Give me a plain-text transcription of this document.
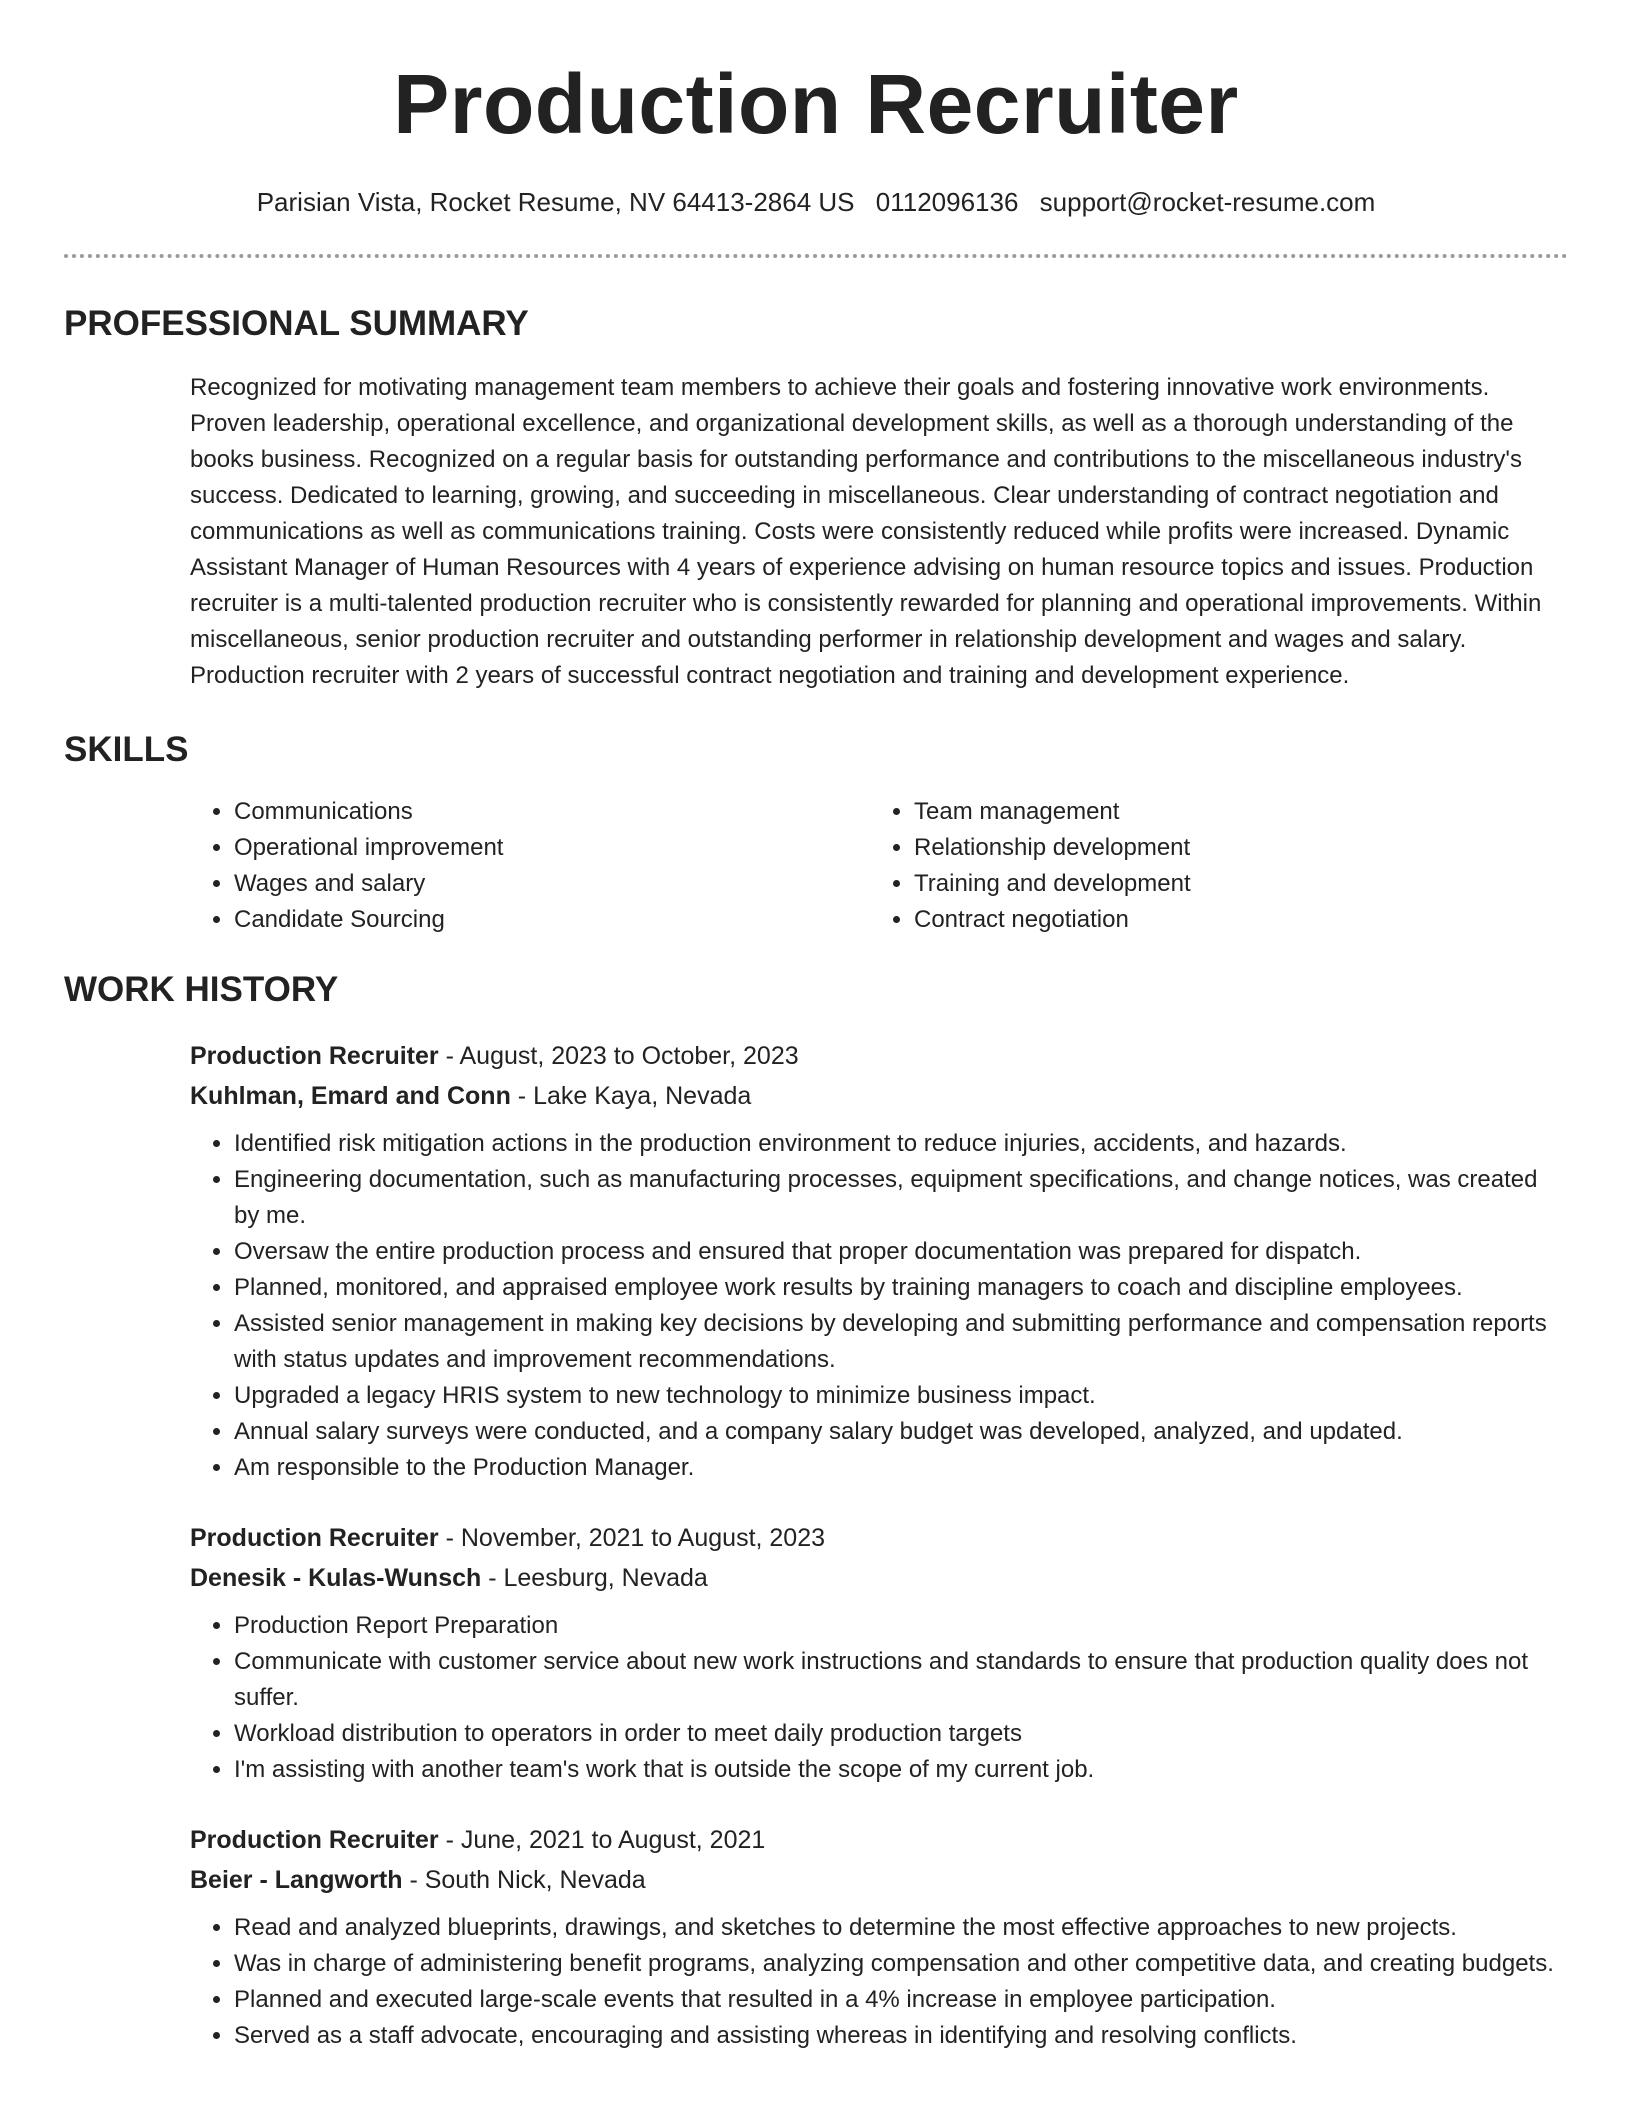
Production Recruiter
Parisian Vista, Rocket Resume, NV 64413-2864 US 0112096136 support@rocket-resume.com
PROFESSIONAL SUMMARY

Recognized for motivating management team members to achieve their goals and fostering innovative work environments. Proven leadership, operational excellence, and organizational development skills, as well as a thorough understanding of the books business. Recognized on a regular basis for outstanding performance and contributions to the miscellaneous industry's success. Dedicated to learning, growing, and succeeding in miscellaneous. Clear understanding of contract negotiation and communications as well as communications training. Costs were consistently reduced while profits were increased. Dynamic Assistant Manager of Human Resources with 4 years of experience advising on human resource topics and issues. Production recruiter is a multi-talented production recruiter who is consistently rewarded for planning and operational improvements. Within miscellaneous, senior production recruiter and outstanding performer in relationship development and wages and salary. Production recruiter with 2 years of successful contract negotiation and training and development experience.

SKILLS
• Communications
• Operational improvement
• Wages and salary
• Candidate Sourcing
• Team management
• Relationship development
• Training and development
• Contract negotiation
WORK HISTORY
Production Recruiter - August, 2023 to October, 2023
Kuhlman, Emard and Conn - Lake Kaya, Nevada
• Identified risk mitigation actions in the production environment to reduce injuries, accidents, and hazards.
• Engineering documentation, such as manufacturing processes, equipment specifications, and change notices, was created by me.
• Oversaw the entire production process and ensured that proper documentation was prepared for dispatch.
• Planned, monitored, and appraised employee work results by training managers to coach and discipline employees.
• Assisted senior management in making key decisions by developing and submitting performance and compensation reports with status updates and improvement recommendations.
• Upgraded a legacy HRIS system to new technology to minimize business impact.
• Annual salary surveys were conducted, and a company salary budget was developed, analyzed, and updated.
• Am responsible to the Production Manager.
Production Recruiter - November, 2021 to August, 2023
Denesik - Kulas-Wunsch - Leesburg, Nevada
• Production Report Preparation
• Communicate with customer service about new work instructions and standards to ensure that production quality does not suffer.
• Workload distribution to operators in order to meet daily production targets
• I'm assisting with another team's work that is outside the scope of my current job.
Production Recruiter - June, 2021 to August, 2021
Beier - Langworth - South Nick, Nevada
• Read and analyzed blueprints, drawings, and sketches to determine the most effective approaches to new projects.
• Was in charge of administering benefit programs, analyzing compensation and other competitive data, and creating budgets.
• Planned and executed large-scale events that resulted in a 4% increase in employee participation.
• Served as a staff advocate, encouraging and assisting whereas in identifying and resolving conflicts.
